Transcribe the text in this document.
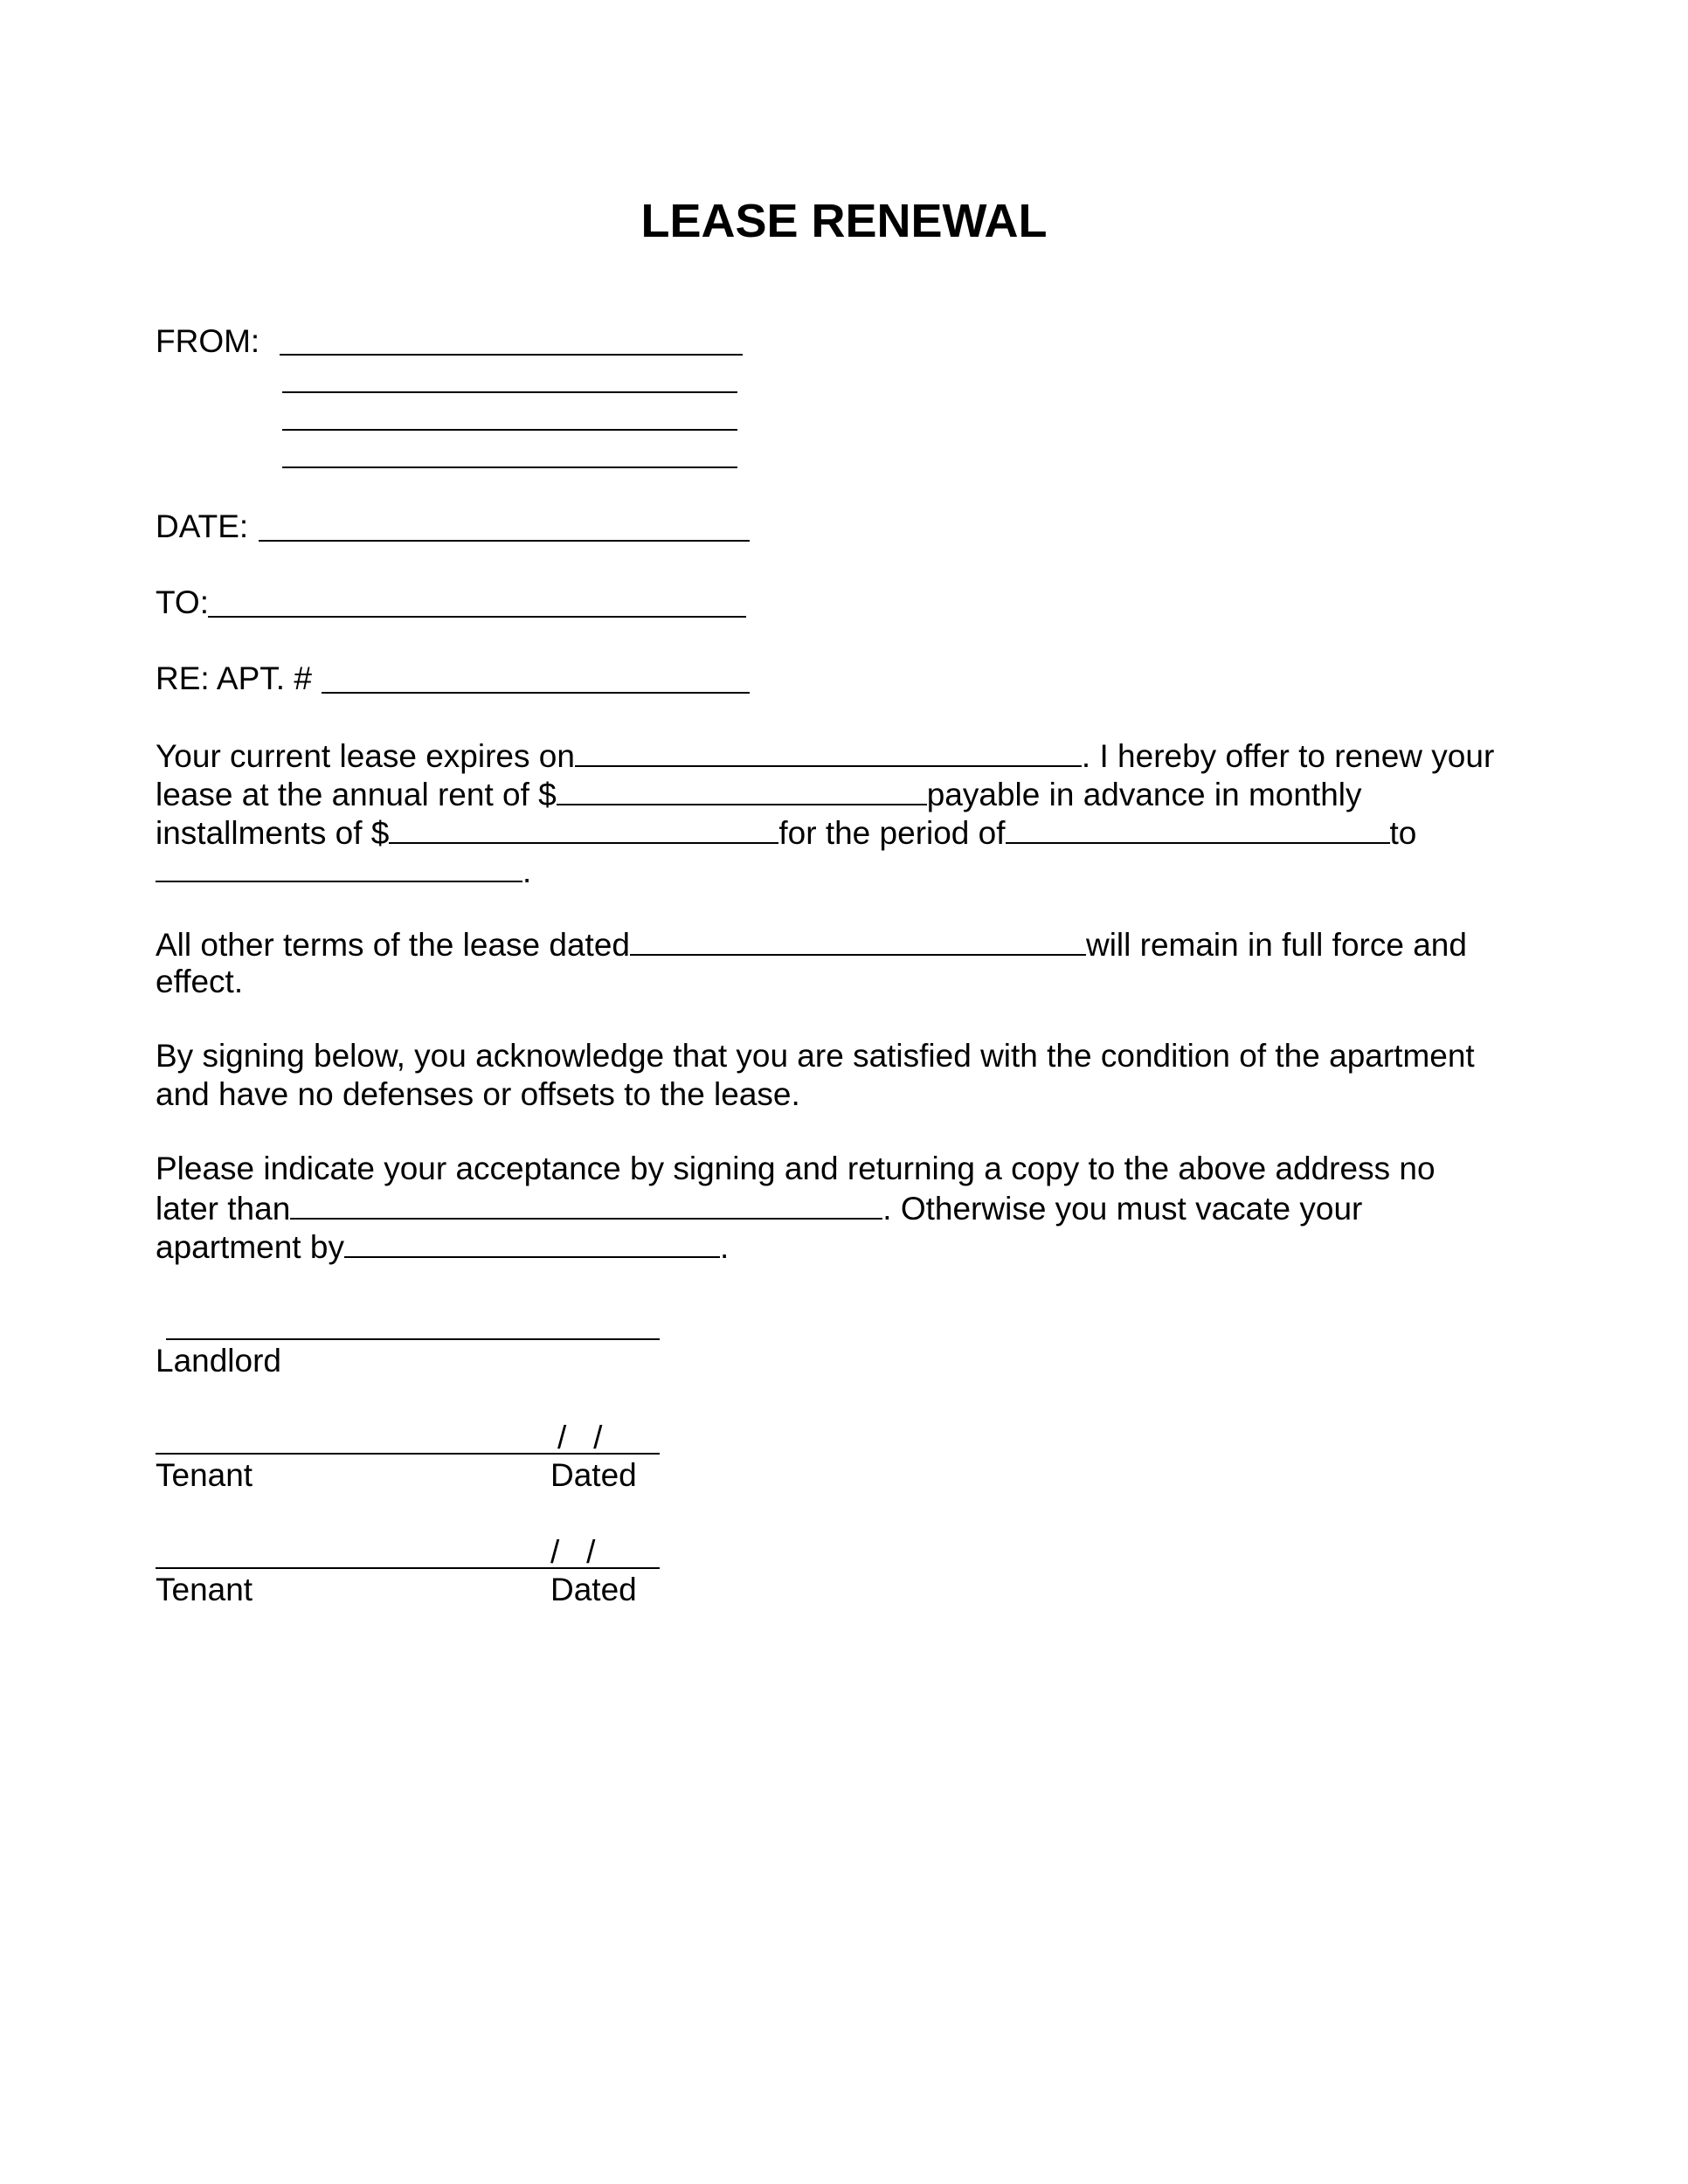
LEASE RENEWAL
FROM:
DATE:
TO:
RE: APT. #
Your current lease expires on	. I hereby offer to renew your
lease at the annual rent of $	payable in advance in monthly
installments of $	for the period of	to
.
All other terms of the lease dated	will remain in full force and
effect.
By signing below, you acknowledge that you are satisfied with the condition of the apartment
and have no defenses or offsets to the lease.
Please indicate your acceptance by signing and returning a copy to the above address no
later than	. Otherwise you must vacate your
apartment by	.
Landlord
/   /
Tenant	Dated
/   /
Tenant	Dated
